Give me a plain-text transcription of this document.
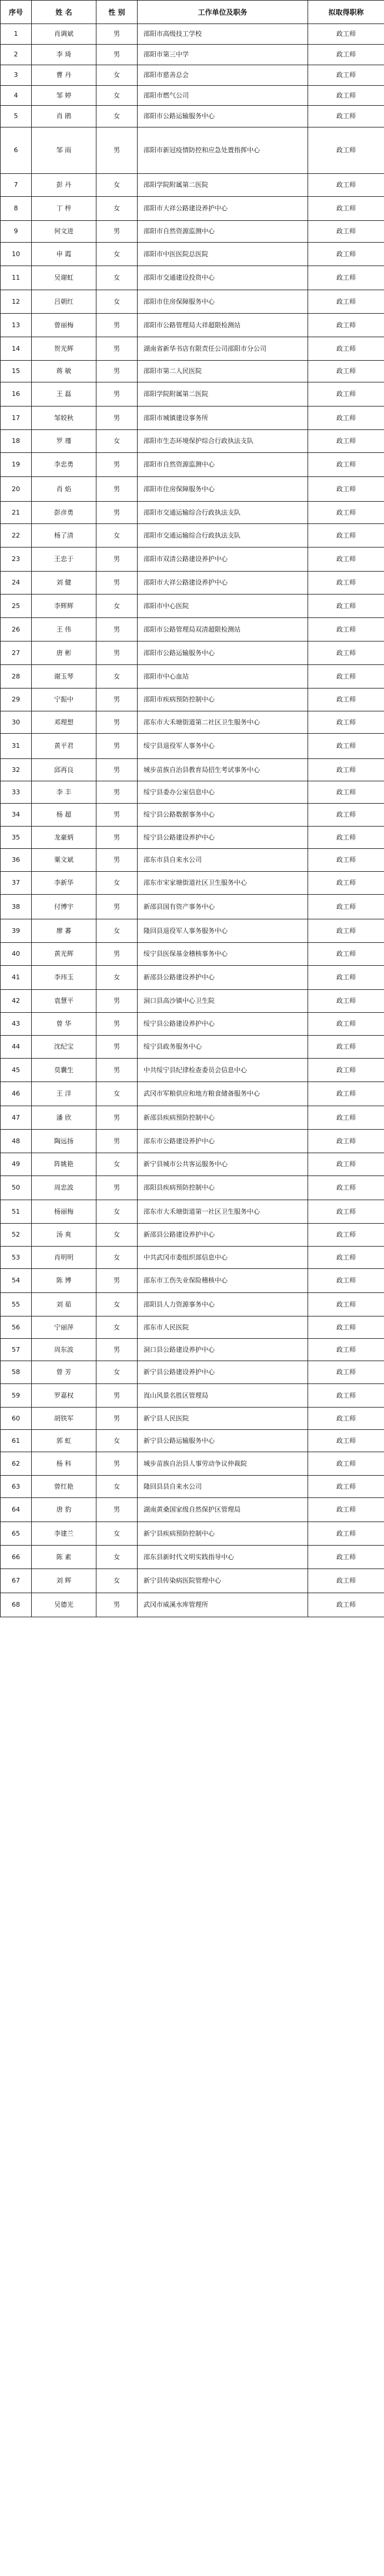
序号	姓 名	性 别	工作单位及职务	拟取得职称
1	肖调斌	男	邵阳市高级技工学校	政工师
2	李 琦	男	邵阳市第三中学	政工师
3	曹 丹	女	邵阳市慈善总会	政工师
4	邹 婷	女	邵阳市燃气公司	政工师
5	肖 鹃	女	邵阳市公路运输服务中心	政工师
6	邹 雨	男	邵阳市新冠疫情防控和应急处置指挥中心	政工师
7	彭 丹	女	邵阳学院附属第二医院	政工师
8	丁 梓	女	邵阳市大祥公路建设养护中心	政工师
9	何文进	男	邵阳市自然资源监测中心	政工师
10	申 霞	女	邵阳市中医医院总医院	政工师
11	吴谢虹	女	邵阳市交通建设投资中心	政工师
12	吕朝红	女	邵阳市住房保障服务中心	政工师
13	曾丽梅	男	邵阳市公路管理局大祥超限检测站	政工师
14	贺光辉	男	湖南省新华书店有限责任公司邵阳市分公司	政工师
15	蒋 敏	男	邵阳市第二人民医院	政工师
16	王 磊	男	邵阳学院附属第二医院	政工师
17	邹姣秋	男	邵阳市城镇建设事务所	政工师
18	罗 瑾	女	邵阳市生态环境保护综合行政执法支队	政工师
19	李忠勇	男	邵阳市自然资源监测中心	政工师
20	肖 焰	男	邵阳市住房保障服务中心	政工师
21	彭彦勇	男	邵阳市交通运输综合行政执法支队	政工师
22	杨了清	女	邵阳市交通运输综合行政执法支队	政工师
23	王忠于	男	邵阳市双清公路建设养护中心	政工师
24	刘 健	男	邵阳市大祥公路建设养护中心	政工师
25	李辉辉	女	邵阳市中心医院	政工师
26	王 伟	男	邵阳市公路管理局双清超限检测站	政工师
27	唐 彬	男	邵阳市公路运输服务中心	政工师
28	谢玉琴	女	邵阳市中心血站	政工师
29	宁振中	男	邵阳市疾病预防控制中心	政工师
30	邓理想	男	邵东市大禾塘街道第二社区卫生服务中心	政工师
31	黄平君	男	绥宁县退役军人事务中心	政工师
32	邱再良	男	城步苗族自治县教育局招生考试事务中心	政工师
33	李 丰	男	绥宁县委办公室信息中心	政工师
34	杨 超	男	绥宁县公路数据事务中心	政工师
35	龙豪炳	男	绥宁县公路建设养护中心	政工师
36	粟文斌	男	邵东市县自来水公司	政工师
37	李新华	女	邵东市宋家塘街道社区卫生服务中心	政工师
38	付博宇	男	新邵县国有资产事务中心	政工师
39	廖 蕃	女	隆回县退役军人事务服务中心	政工师
40	黄光辉	男	绥宁县医保基金稽核事务中心	政工师
41	李玮玉	女	新邵县公路建设养护中心	政工师
42	袁慧平	男	洞口县高沙镇中心卫生院	政工师
43	曾 华	男	绥宁县公路建设养护中心	政工师
44	沈纪宝	男	绥宁县政务服务中心	政工师
45	莫囊生	男	中共绥宁县纪律检查委员会信息中心	政工师
46	王 洋	女	武冈市军粮供应和地方粮食储备服务中心	政工师
47	潘 欣	男	新邵县疾病预防控制中心	政工师
48	陶远扬	男	邵东市公路建设养护中心	政工师
49	阵姚艳	女	新宁县城市公共客运服务中心	政工师
50	周忠波	男	邵阳县疾病预防控制中心	政工师
51	杨丽梅	女	邵东市大禾塘街道第一社区卫生服务中心	政工师
52	汤 爽	女	新邵县公路建设养护中心	政工师
53	肖明明	女	中共武冈市委组织部信息中心	政工师
54	陈 博	男	邵东市工伤失业保险稽核中心	政工师
55	刘 茹	女	邵阳县人力资源事务中心	政工师
56	宁丽萍	女	邵东市人民医院	政工师
57	周东波	男	洞口县公路建设养护中心	政工师
58	曾 芳	女	新宁县公路建设养护中心	政工师
59	罗嘉权	男	崀山风景名胜区管理局	政工师
60	胡铁军	男	新宁县人民医院	政工师
61	郭 虹	女	新宁县公路运输服务中心	政工师
62	杨 科	男	城步苗族自治县人事劳动争议仲裁院	政工师
63	曾红艳	女	隆回县县自来水公司	政工师
64	唐 豹	男	湖南黄桑国家级自然保护区管理局	政工师
65	李建兰	女	新宁县疾病预防控制中心	政工师
66	陈 素	女	邵东县新时代文明实践指导中心	政工师
67	刘 辉	女	新宁县传染病医院管理中心	政工师
68	吴德光	男	武冈市威溪水库管理所	政工师
